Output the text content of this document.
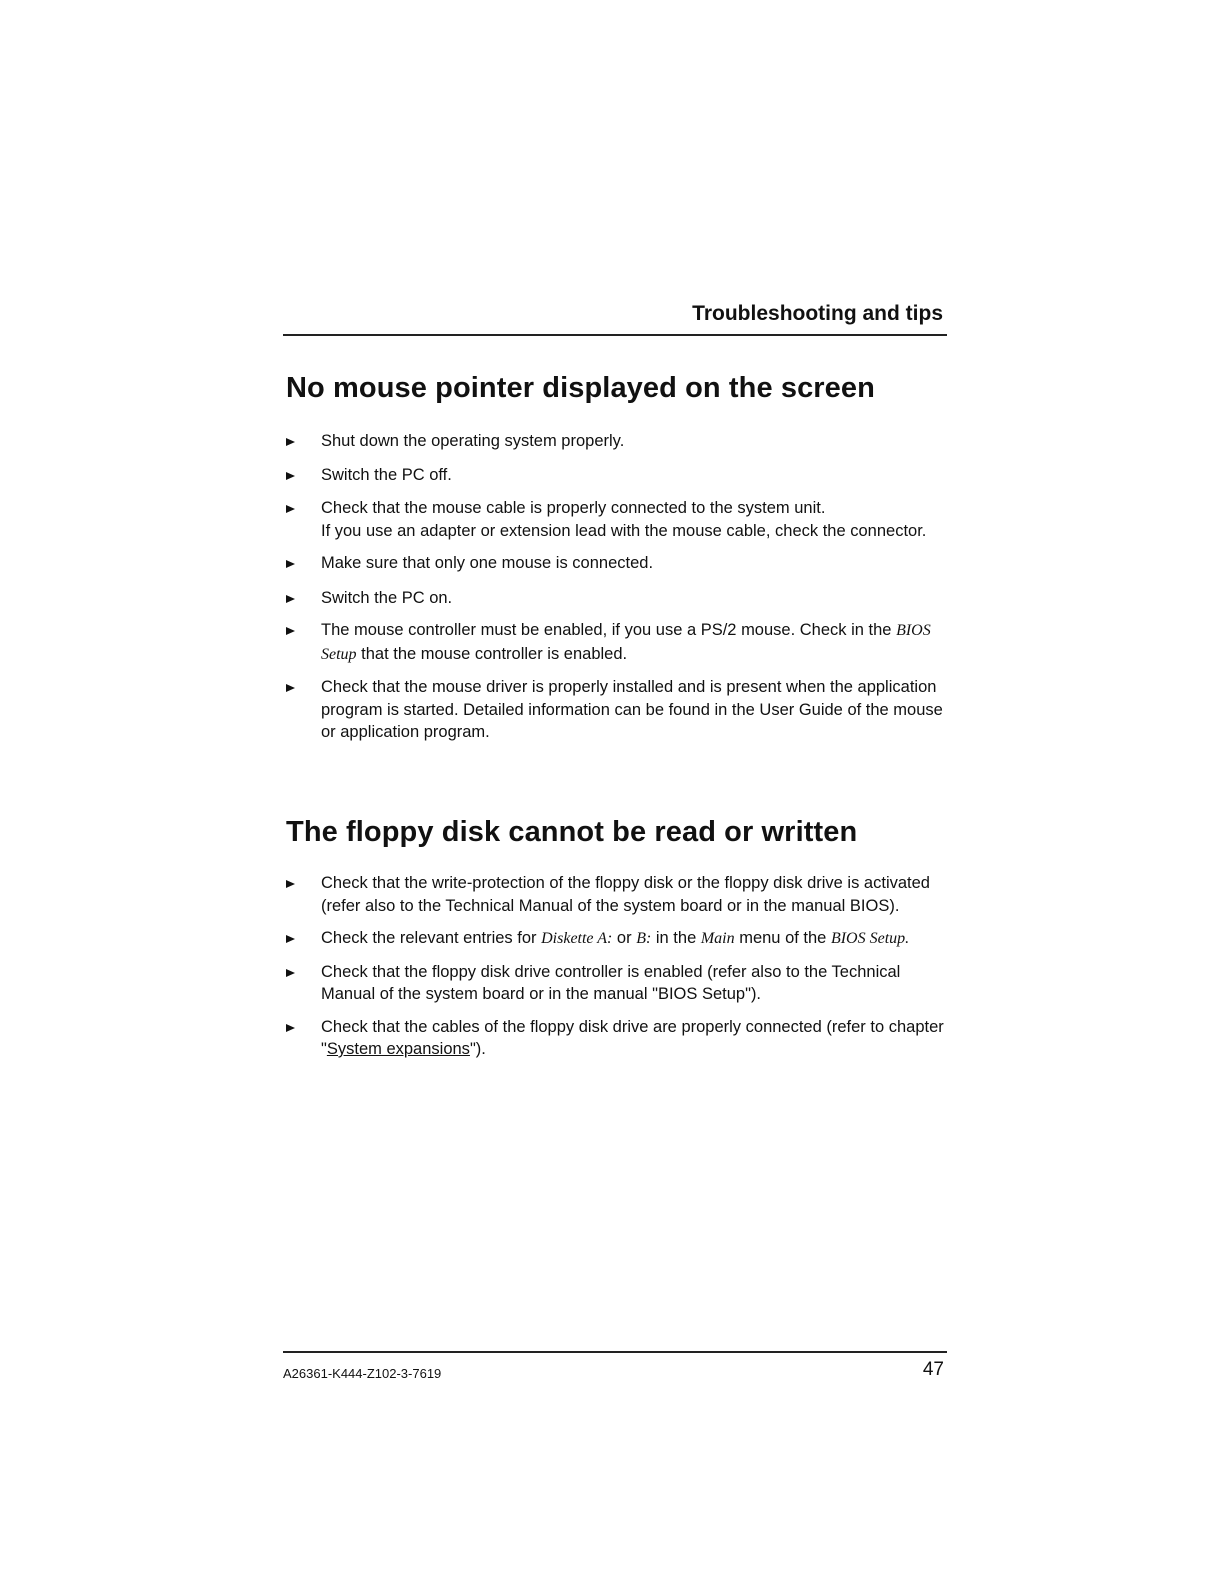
Troubleshooting and tips

No mouse pointer displayed on the screen
Shut down the operating system properly.
Switch the PC off.
Check that the mouse cable is properly connected to the system unit.
If you use an adapter or extension lead with the mouse cable, check the connector.
Make sure that only one mouse is connected.
Switch the PC on.
The mouse controller must be enabled, if you use a PS/2 mouse. Check in the BIOS Setup that the mouse controller is enabled.
Check that the mouse driver is properly installed and is present when the application program is started. Detailed information can be found in the User Guide of the mouse or application program.
The floppy disk cannot be read or written
Check that the write-protection of the floppy disk or the floppy disk drive is activated (refer also to the Technical Manual of the system board or in the manual BIOS).
Check the relevant entries for Diskette A: or B: in the Main menu of the BIOS Setup.
Check that the floppy disk drive controller is enabled (refer also to the Technical Manual of the system board or in the manual "BIOS Setup").
Check that the cables of the floppy disk drive are properly connected (refer to chapter "System expansions").

A26361-K444-Z102-3-7619	47
